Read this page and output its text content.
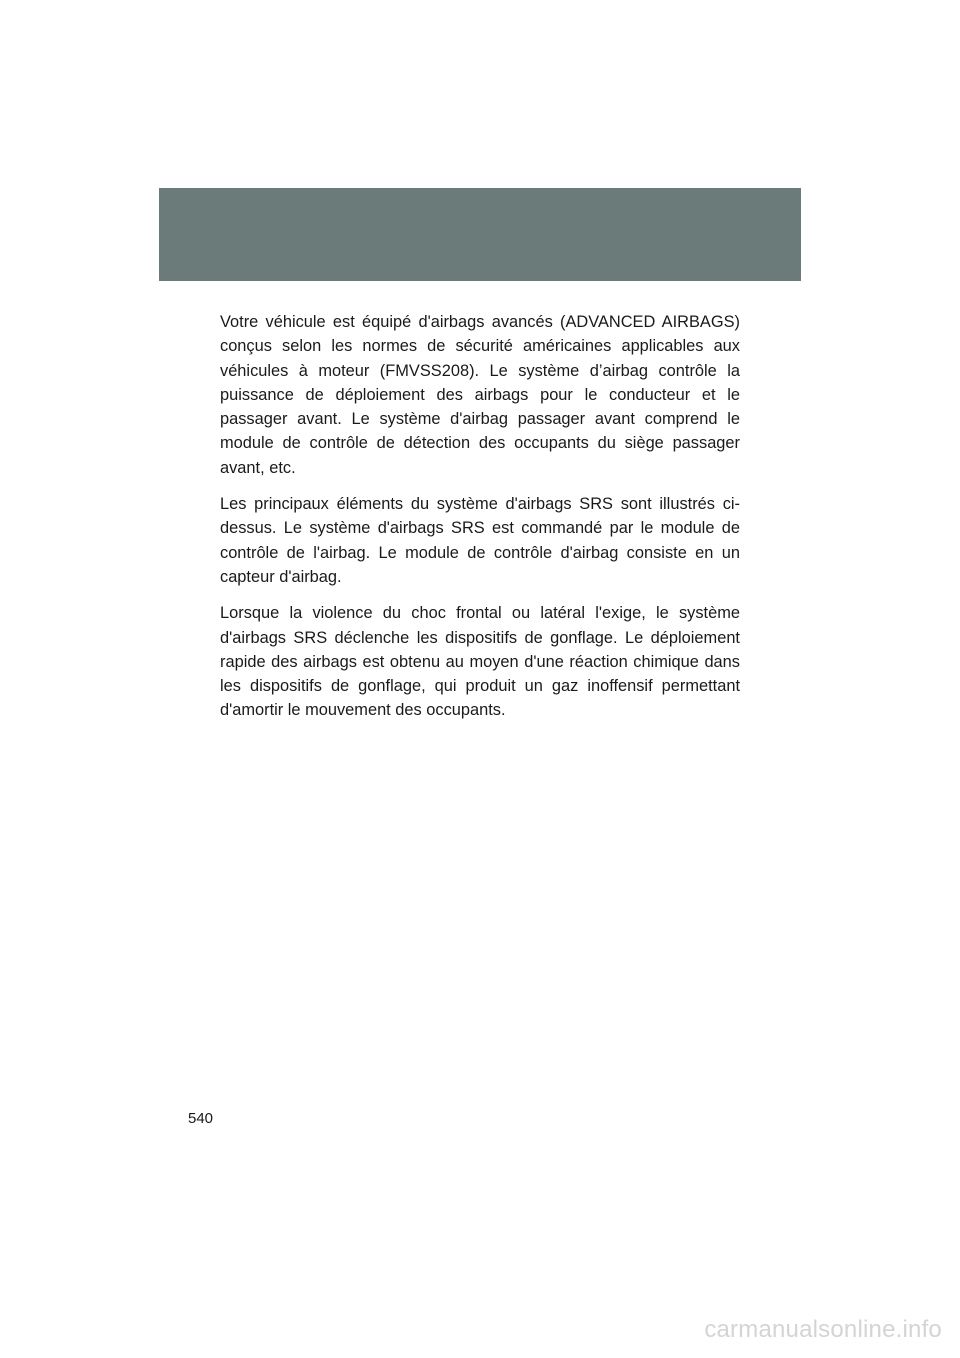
Votre véhicule est équipé d'airbags avancés (ADVANCED AIRBAGS) conçus selon les normes de sécurité américaines applicables aux véhicules à moteur (FMVSS208). Le système d’airbag contrôle la puissance de déploiement des airbags pour le conducteur et le passager avant. Le système d'airbag passager avant comprend le module de contrôle de détection des occupants du siège passager avant, etc.

Les principaux éléments du système d'airbags SRS sont illustrés ci-dessus. Le système d'airbags SRS est commandé par le module de contrôle de l'airbag. Le module de contrôle d'airbag consiste en un capteur d'airbag.

Lorsque la violence du choc frontal ou latéral l'exige, le système d'airbags SRS déclenche les dispositifs de gonflage. Le déploiement rapide des airbags est obtenu au moyen d'une réaction chimique dans les dispositifs de gonflage, qui produit un gaz inoffensif permettant d'amortir le mouvement des occupants.

540
carmanualsonline.info
